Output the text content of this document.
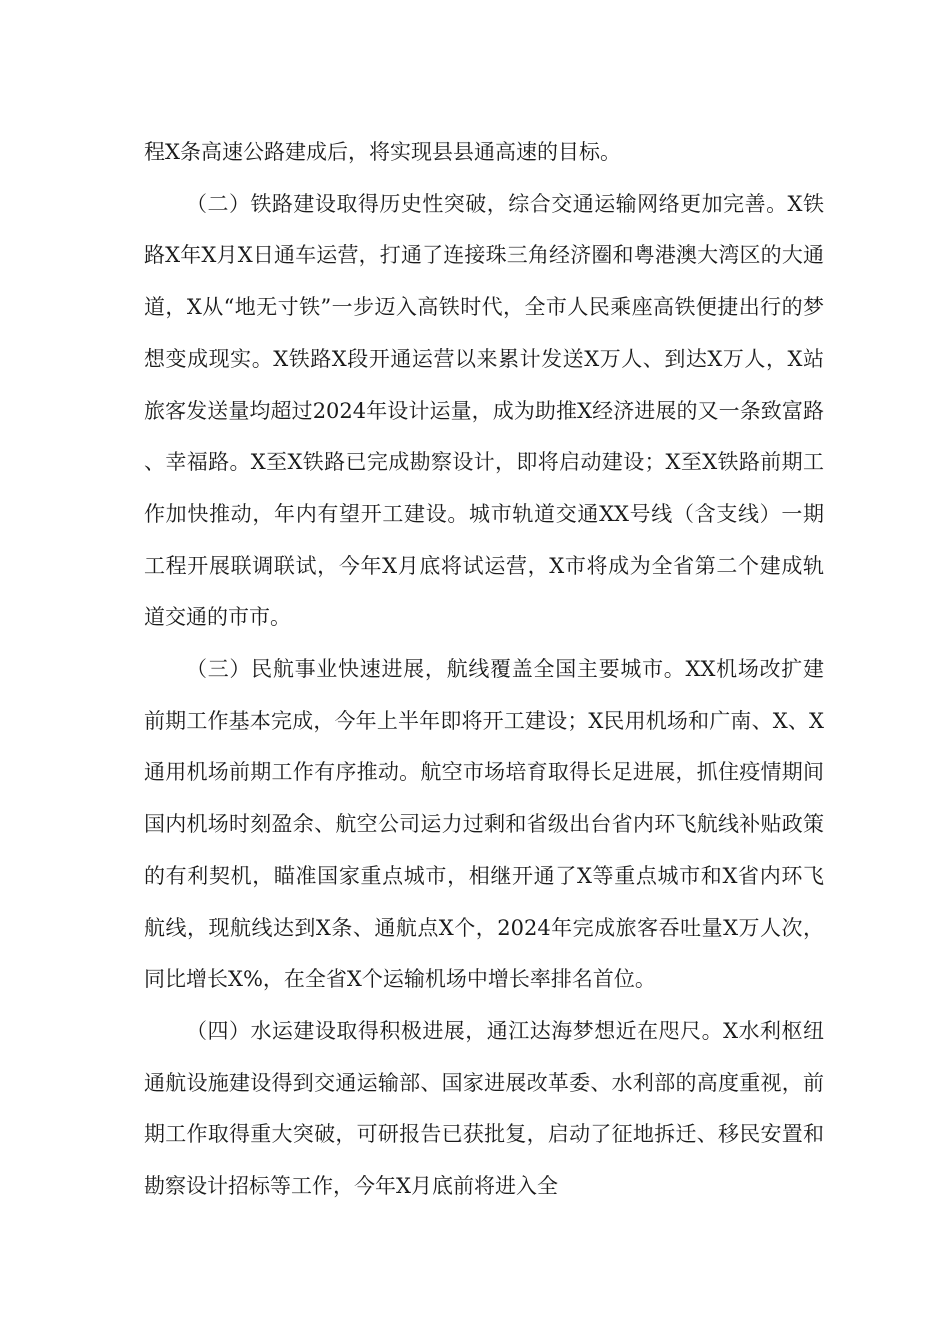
程X条高速公路建成后，将实现县县通高速的目标。

（二）铁路建设取得历史性突破，综合交通运输网络更加完善。X铁路X年X月X日通车运营，打通了连接珠三角经济圈和粤港澳大湾区的大通道，X从“地无寸铁”一步迈入高铁时代，全市人民乘座高铁便捷出行的梦想变成现实。X铁路X段开通运营以来累计发送X万人、到达X万人，X站旅客发送量均超过2024年设计运量，成为助推X经济进展的又一条致富路、幸福路。X至X铁路已完成勘察设计，即将启动建设；X至X铁路前期工作加快推动，年内有望开工建设。城市轨道交通XX号线（含支线）一期工程开展联调联试，今年X月底将试运营，X市将成为全省第二个建成轨道交通的市市。

（三）民航事业快速进展，航线覆盖全国主要城市。XX机场改扩建前期工作基本完成，今年上半年即将开工建设；X民用机场和广南、X、X通用机场前期工作有序推动。航空市场培育取得长足进展，抓住疫情期间国内机场时刻盈余、航空公司运力过剩和省级出台省内环飞航线补贴政策的有利契机，瞄准国家重点城市，相继开通了X等重点城市和X省内环飞航线，现航线达到X条、通航点X个，2024年完成旅客吞吐量X万人次，同比增长X%，在全省X个运输机场中增长率排名首位。

（四）水运建设取得积极进展，通江达海梦想近在咫尺。X水利枢纽通航设施建设得到交通运输部、国家进展改革委、水利部的高度重视，前期工作取得重大突破，可研报告已获批复，启动了征地拆迁、移民安置和勘察设计招标等工作，今年X月底前将进入全
